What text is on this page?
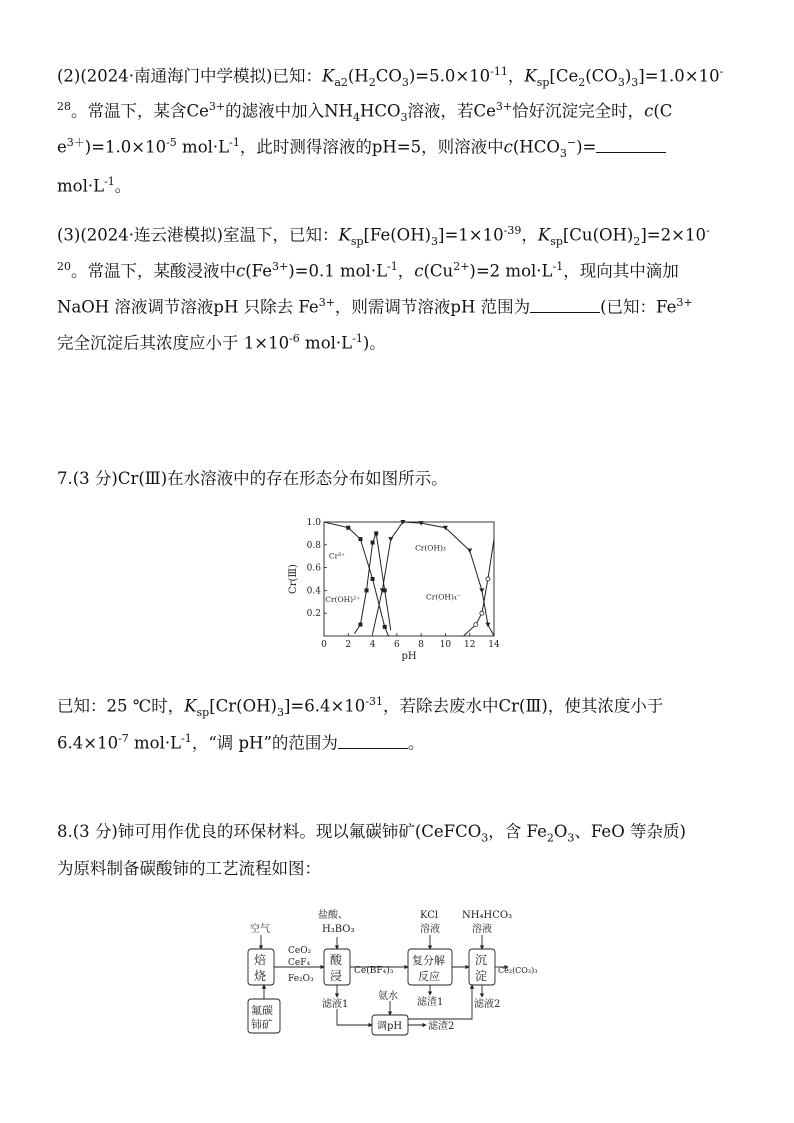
(2)(2024·南通海门中学模拟)已知：$K_{a2}(H_2CO_3)=5.0\times 10^{-11}$，$K_{sp}[Ce_2(CO_3)_3]=1.0\times 10^-$
$^{28}$。常温下，某含$Ce^{3+}$的滤液中加入$NH_4HCO_3$溶液，若$Ce^{3+}$恰好沉淀完全时，c(C
$e^{3+})=1.0\times 10^{-5}$ $mol\cdot L^{-1}$，此时测得溶液的pH=5，则溶液中$c(HCO_3^-)=$
$mol\cdot L^{-1}$。
(3)(2024·连云港模拟)室温下，已知：$K_{sp}[Fe(OH)_3]=1\times 10^{-39}$，$K_{sp}[Cu(OH)_2]=2\times 10^-$
$^{20}$。常温下，某酸浸液中$c(Fe^{3+})=0.1$ $mol\cdot L^{-1}$，$c(Cu^{2+})=2$ $mol\cdot L^{-1}$，现向其中滴加
NaOH 溶液调节溶液pH 只除去 $Fe^{3+}$，则需调节溶液pH 范围为	(已知：$Fe^{3+}$
完全沉淀后其浓度应小于 $1\times 10^{-6}$ $mol\cdot L^{-1}$)。
7.(3 分)Cr(Ⅲ)在水溶液中的存在形态分布如图所示。
0 2 4 6 8 10 12 14
0.2
0.4
0.6
0.8
1.0
pH
Cr(Ⅲ)
Cr³⁺
Cr(OH)²⁺
Cr(OH)₃
Cr(OH)₄⁻
已知：25 ℃时，$K_{sp}[Cr(OH)_3]=6.4\times 10^{-31}$，若除去废水中Cr(Ⅲ)，使其浓度小于
$6.4\times 10^{-7}$ $mol\cdot L^{-1}$，“调 pH”的范围为	。
8.(3 分)铈可用作优良的环保材料。现以氟碳铈矿(CeFCO$_3$，含 $Fe_2O_3$、FeO 等杂质)
为原料制备碳酸铈的工艺流程如图：
空气
盐酸、
H₃BO₃
KCl
溶液
NH₄HCO₃
溶液
焙
烧
CeO₂
CeF₄
Fe₂O₃
酸
浸 Ce(BF₄)₃
复分解
反应
沉
淀 Ce₂(CO₃)₃
氟碳
铈矿
滤液1
氨水
滤渣1	滤液2
调pH	滤渣2
